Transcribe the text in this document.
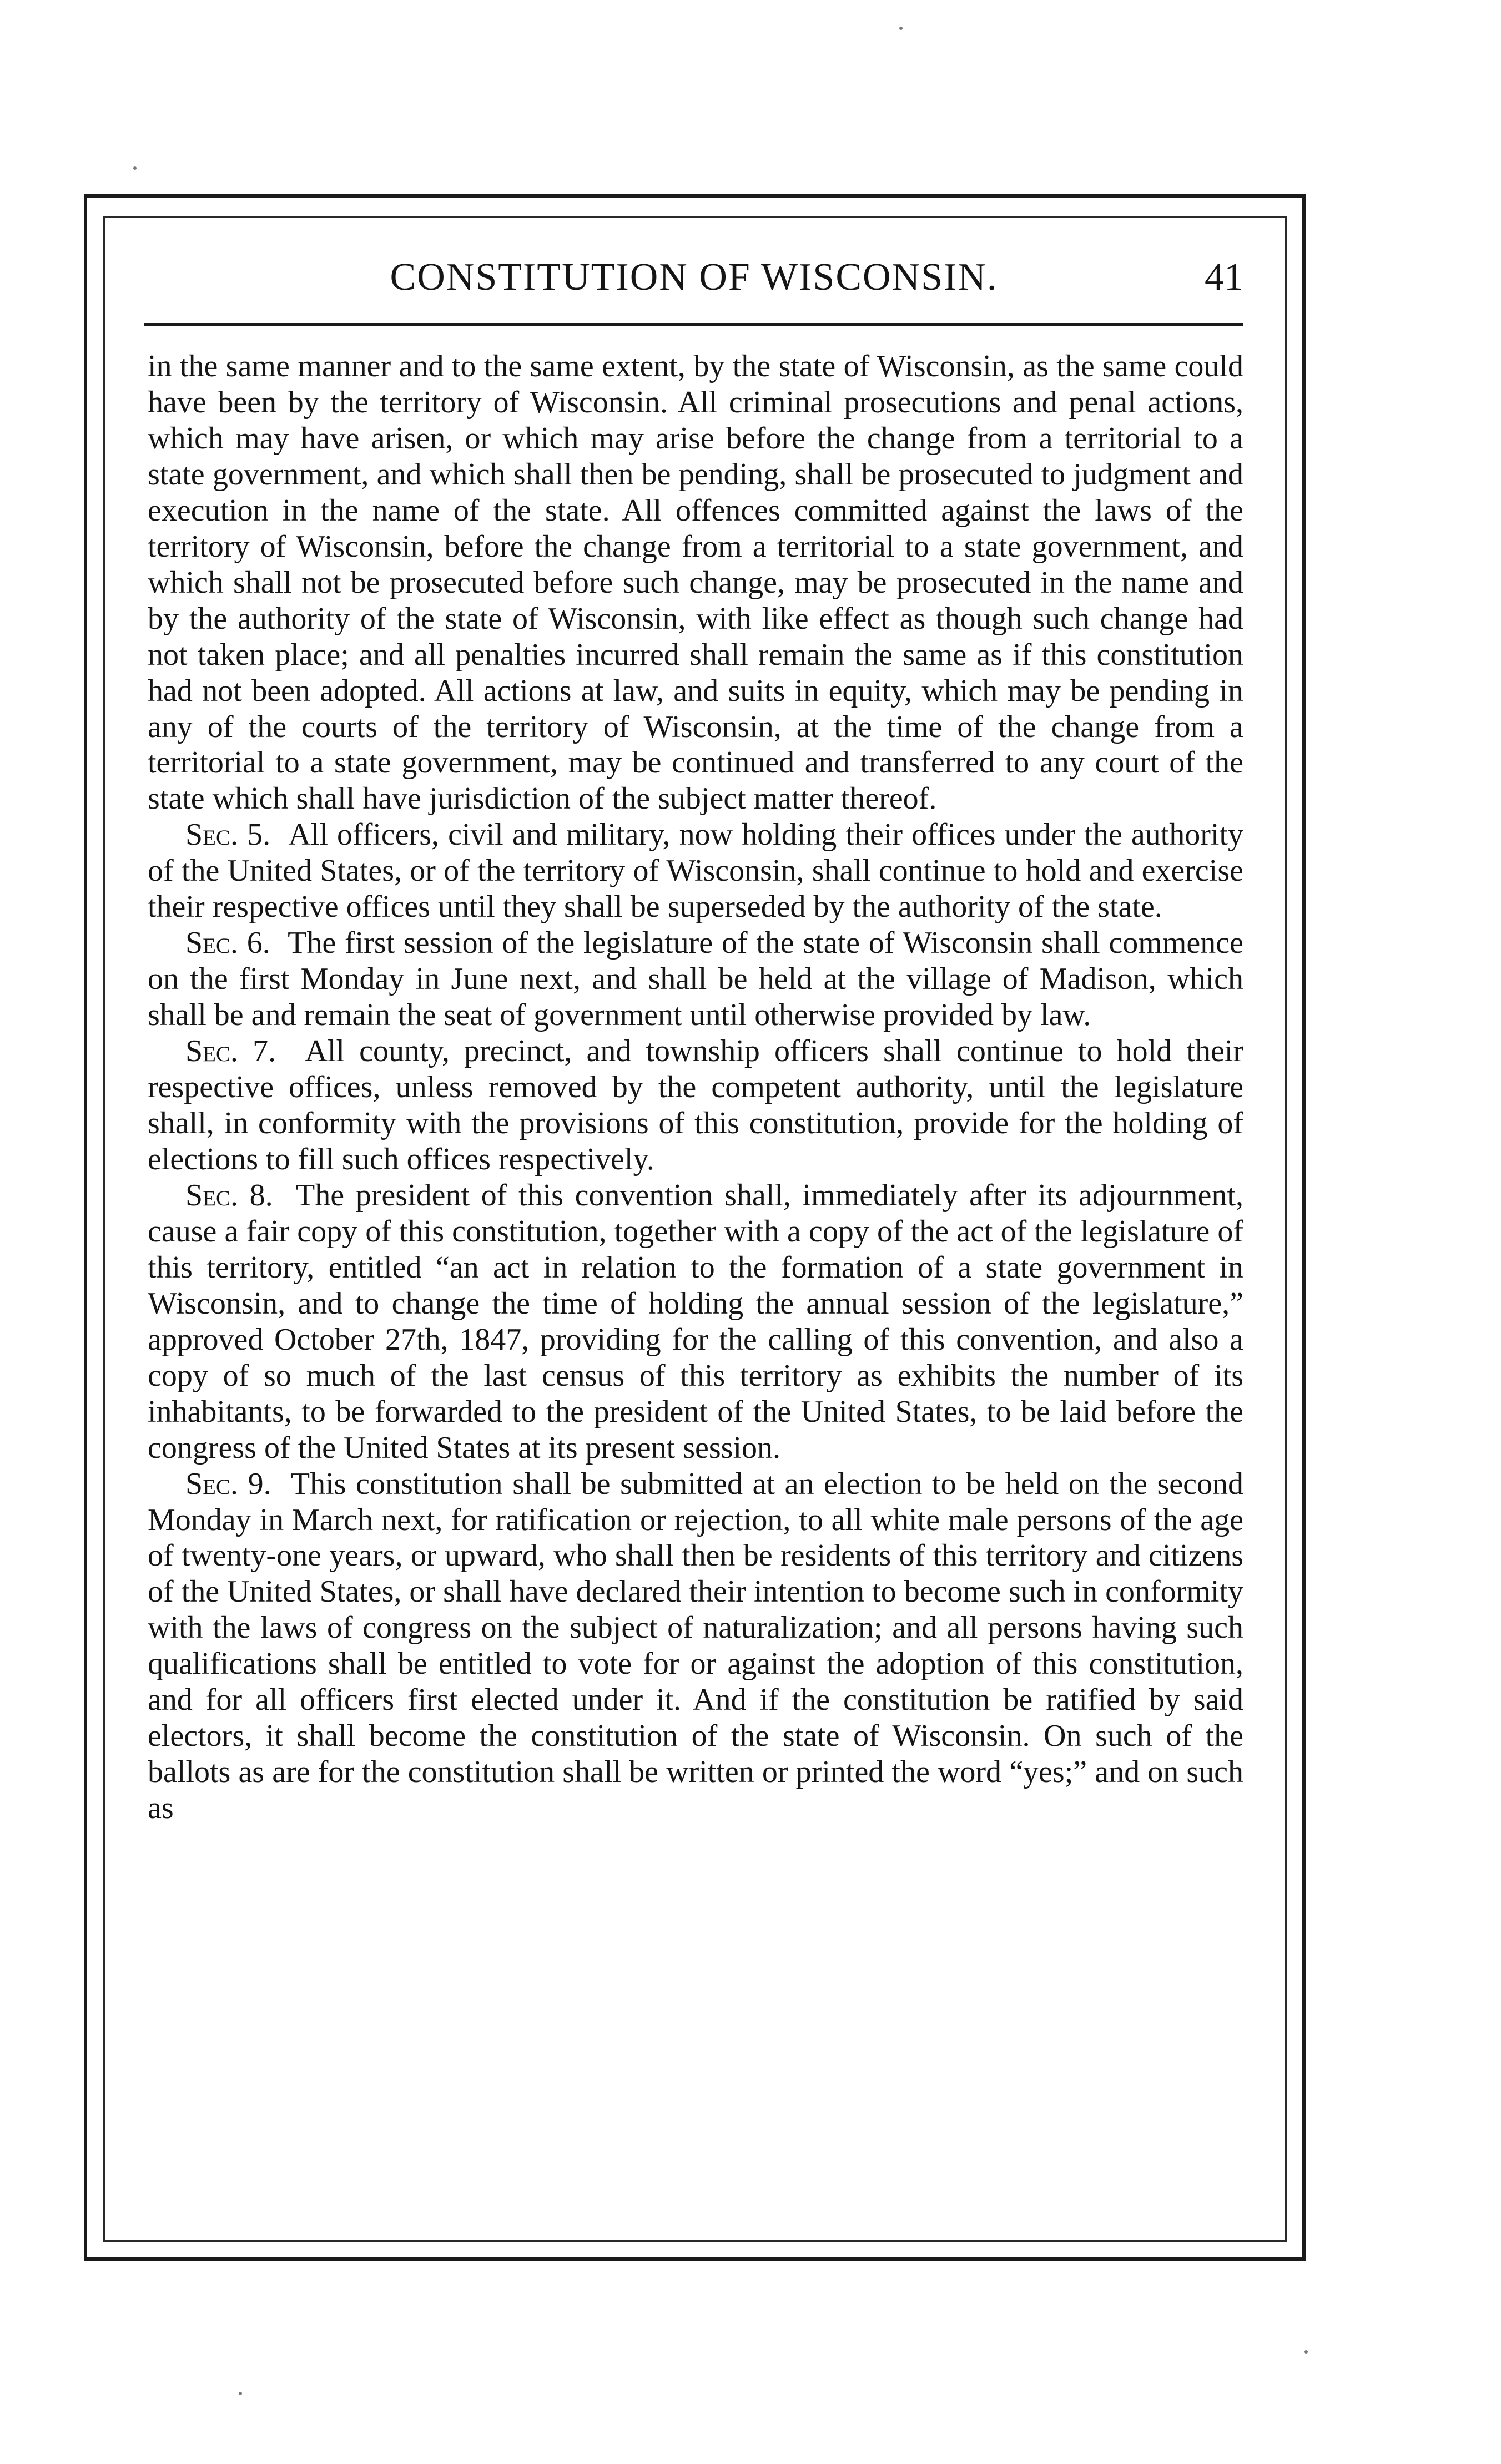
CONSTITUTION OF WISCONSIN.	41

in the same manner and to the same extent, by the state of Wisconsin, as the same could have been by the territory of Wisconsin. All criminal prosecutions and penal actions, which may have arisen, or which may arise before the change from a territorial to a state government, and which shall then be pending, shall be prosecuted to judgment and execution in the name of the state. All offences committed against the laws of the territory of Wisconsin, before the change from a territorial to a state government, and which shall not be prosecuted before such change, may be prosecuted in the name and by the authority of the state of Wisconsin, with like effect as though such change had not taken place; and all penalties incurred shall remain the same as if this constitution had not been adopted. All actions at law, and suits in equity, which may be pending in any of the courts of the territory of Wisconsin, at the time of the change from a territorial to a state government, may be continued and transferred to any court of the state which shall have jurisdiction of the subject matter thereof.

Sec. 5. All officers, civil and military, now holding their offices under the authority of the United States, or of the territory of Wisconsin, shall continue to hold and exercise their respective offices until they shall be superseded by the authority of the state.

Sec. 6. The first session of the legislature of the state of Wisconsin shall commence on the first Monday in June next, and shall be held at the village of Madison, which shall be and remain the seat of government until otherwise provided by law.

Sec. 7. All county, precinct, and township officers shall continue to hold their respective offices, unless removed by the competent authority, until the legislature shall, in conformity with the provisions of this constitution, provide for the holding of elections to fill such offices respectively.

Sec. 8. The president of this convention shall, immediately after its adjournment, cause a fair copy of this constitution, together with a copy of the act of the legislature of this territory, entitled “an act in relation to the formation of a state government in Wisconsin, and to change the time of holding the annual session of the legislature,” approved October 27th, 1847, providing for the calling of this convention, and also a copy of so much of the last census of this territory as exhibits the number of its inhabitants, to be forwarded to the president of the United States, to be laid before the congress of the United States at its present session.

Sec. 9. This constitution shall be submitted at an election to be held on the second Monday in March next, for ratification or rejection, to all white male persons of the age of twenty-one years, or upward, who shall then be residents of this territory and citizens of the United States, or shall have declared their intention to become such in conformity with the laws of congress on the subject of naturalization; and all persons having such qualifications shall be entitled to vote for or against the adoption of this constitution, and for all officers first elected under it. And if the constitution be ratified by said electors, it shall become the constitution of the state of Wisconsin. On such of the ballots as are for the constitution shall be written or printed the word “yes;” and on such as
